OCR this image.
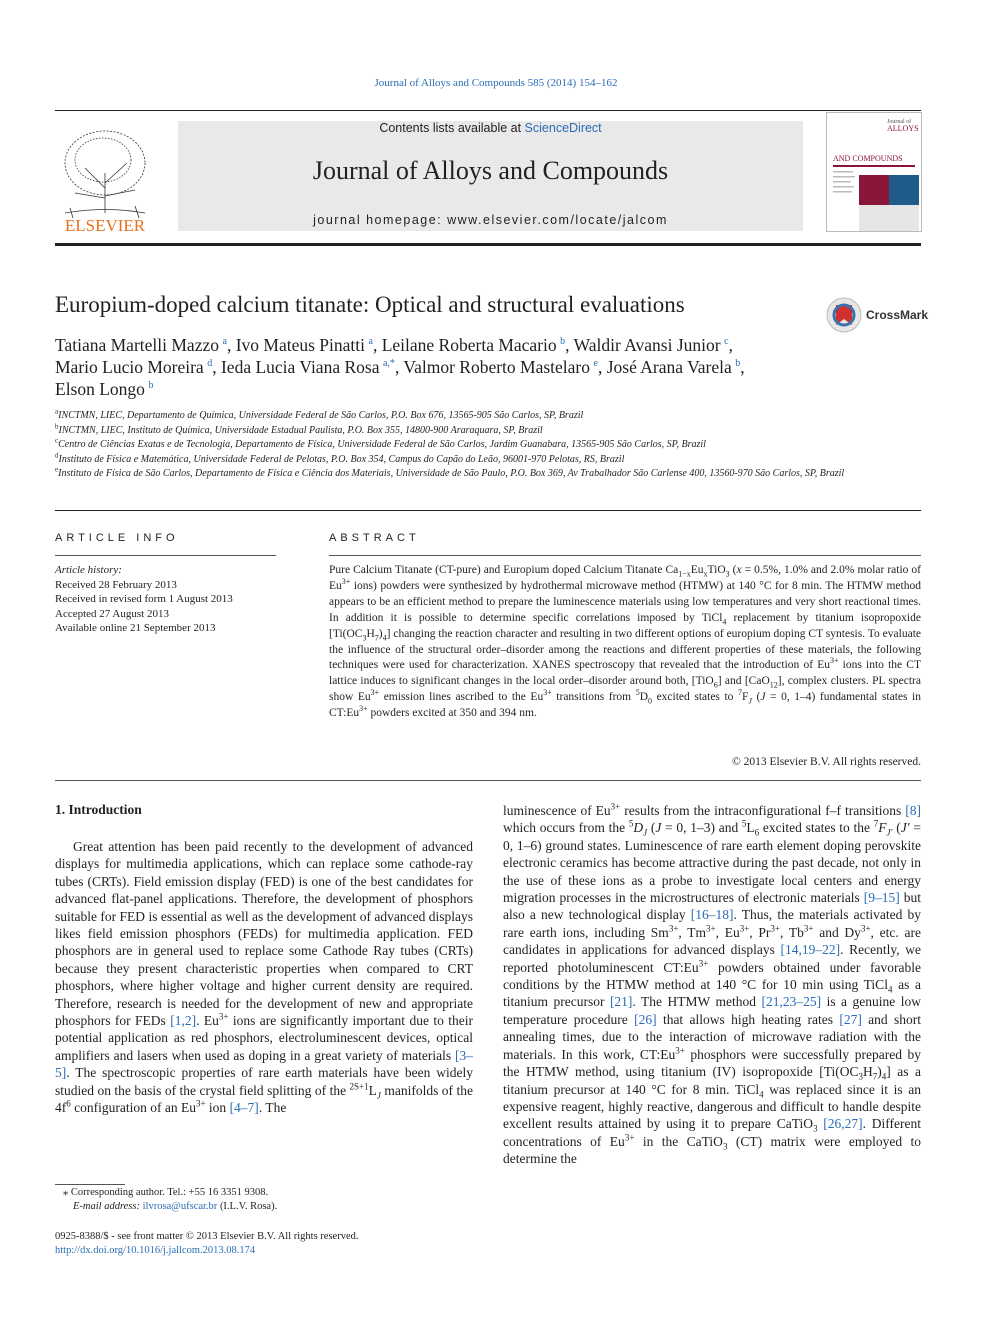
Journal of Alloys and Compounds 585 (2014) 154–162
ELSEVIER
Contents lists available at ScienceDirect
Journal of Alloys and Compounds
journal homepage: www.elsevier.com/locate/jalcom
Journal of
ALLOYS
AND COMPOUNDS
Europium-doped calcium titanate: Optical and structural evaluations	CrossMark
Tatiana Martelli Mazzo  $^a$, Ivo Mateus Pinatti  $^a$, Leilane Roberta Macario  $^b$, Waldir Avansi Junior  $^c$,
Mario Lucio Moreira  $^d$, Ieda Lucia Viana Rosa  $^{a,*}$, Valmor Roberto Mastelaro  $^e$, José Arana Varela  $^b$,
Elson Longo  $^b$
$^a$INCTMN, LIEC, Departamento de Química, Universidade Federal de São Carlos, P.O. Box 676, 13565-905 São Carlos, SP, Brazil
$^b$INCTMN, LIEC, Instituto de Química, Universidade Estadual Paulista, P.O. Box 355, 14800-900 Araraquara, SP, Brazil
$^c$Centro de Ciências Exatas e de Tecnologia, Departamento de Física, Universidade Federal de São Carlos, Jardim Guanabara, 13565-905 São Carlos, SP, Brazil
$^d$Instituto de Física e Matemática, Universidade Federal de Pelotas, P.O. Box 354, Campus do Capão do Leão, 96001-970 Pelotas, RS, Brazil
$^e$Instituto de Física de São Carlos, Departamento de Física e Ciência dos Materiais, Universidade de São Paulo, P.O. Box 369, Av Trabalhador São Carlense 400, 13560-970 São Carlos, SP, Brazil
ARTICLE INFO
Article history:
Received 28 February 2013
Received in revised form 1 August 2013
Accepted 27 August 2013
Available online 21 September 2013
ABSTRACT
Pure Calcium Titanate (CT-pure) and Europium doped Calcium Titanate $Ca_{1-x}Eu_xTiO_3$ (x = 0.5%, 1.0% and 2.0% molar ratio of $Eu^{3+}$ ions) powders were synthesized by hydrothermal microwave method (HTMW) at 140 °C for 8 min. The HTMW method appears to be an efficient method to prepare the luminescence materials using low temperatures and very short reactional times. In addition it is possible to determine specific correlations imposed by TiCl$_4$ replacement by titanium isopropoxide $[Ti(OC_3H_7)_4]$ changing the reaction character and resulting in two different options of europium doping CT syntesis. To evaluate the influence of the structural order–disorder among the reactions and different properties of these materials, the following techniques were used for characterization. XANES spectroscopy that revealed that the introduction of $Eu^{3+}$ ions into the CT lattice induces to significant changes in the local order–disorder around both, [TiO$_6$] and [CaO$_{12}$], complex clusters. PL spectra show $Eu^{3+}$ emission lines ascribed to the $Eu^{3+}$ transitions from $^5D_0$ excited states to $^7F_J$ (J = 0, 1–4) fundamental states in $CT:Eu^{3+}$ powders excited at 350 and 394 nm.
© 2013 Elsevier B.V. All rights reserved.
1. Introduction
Great attention has been paid recently to the development of advanced displays for multimedia applications, which can replace some cathode-ray tubes (CRTs). Field emission display (FED) is one of the best candidates for advanced flat-panel applications. Therefore, the development of phosphors suitable for FED is essential as well as the development of advanced displays likes field emission phosphors (FEDs) for multimedia application. FED phosphors are in general used to replace some Cathode Ray tubes (CRTs) because they present characteristic properties when compared to CRT phosphors, where higher voltage and higher current density are required. Therefore, research is needed for the development of new and appropriate phosphors for FEDs [1,2]. $Eu^{3+}$ ions are significantly important due to their potential application as red phosphors, electroluminescent devices, optical amplifiers and lasers when used as doping in a great variety of materials [3–5]. The spectroscopic properties of rare earth materials have been widely studied on the basis of the crystal field splitting of the $^{2S+1}L_J$ manifolds of the $4f^6$ configuration of an $Eu^{3+}$ ion [4–7]. The
luminescence of $Eu^{3+}$ results from the intraconfigurational f–f transitions [8] which occurs from the $^5D_J$ (J = 0, 1–3) and $^5L_6$ excited states to the $^7F_{J'}$ (J′ = 0, 1–6) ground states. Luminescence of rare earth element doping perovskite electronic ceramics has become attractive during the past decade, not only in the use of these ions as a probe to investigate local centers and energy migration processes in the microstructures of electronic materials [9–15] but also a new technological display [16–18]. Thus, the materials activated by rare earth ions, including $Sm^{3+}$, $Tm^{3+}$, $Eu^{3+}$, $Pr^{3+}$, $Tb^{3+}$ and $Dy^{3+}$, etc. are candidates in applications for advanced displays [14,19–22]. Recently, we reported photoluminescent $CT:Eu^{3+}$ powders obtained under favorable conditions by the HTMW method at 140 °C for 10 min using TiCl$_4$ as a titanium precursor [21]. The HTMW method [21,23–25] is a genuine low temperature procedure [26] that allows high heating rates [27] and short annealing times, due to the interaction of microwave radiation with the materials. In this work, $CT:Eu^{3+}$ phosphors were successfully prepared by the HTMW method, using titanium (IV) isopropoxide $[Ti(OC_3H_7)_4]$ as a titanium precursor at 140 °C for 8 min. TiCl$_4$ was replaced since it is an expensive reagent, highly reactive, dangerous and difficult to handle despite excellent results attained by using it to prepare CaTiO$_3$ [26,27]. Different concentrations of $Eu^{3+}$ in the CaTiO$_3$ (CT) matrix were employed to determine the
⁎ Corresponding author. Tel.: +55 16 3351 9308.
E-mail address: ilvrosa@ufscar.br (I.L.V. Rosa).
0925-8388/$ - see front matter © 2013 Elsevier B.V. All rights reserved.
http://dx.doi.org/10.1016/j.jallcom.2013.08.174
